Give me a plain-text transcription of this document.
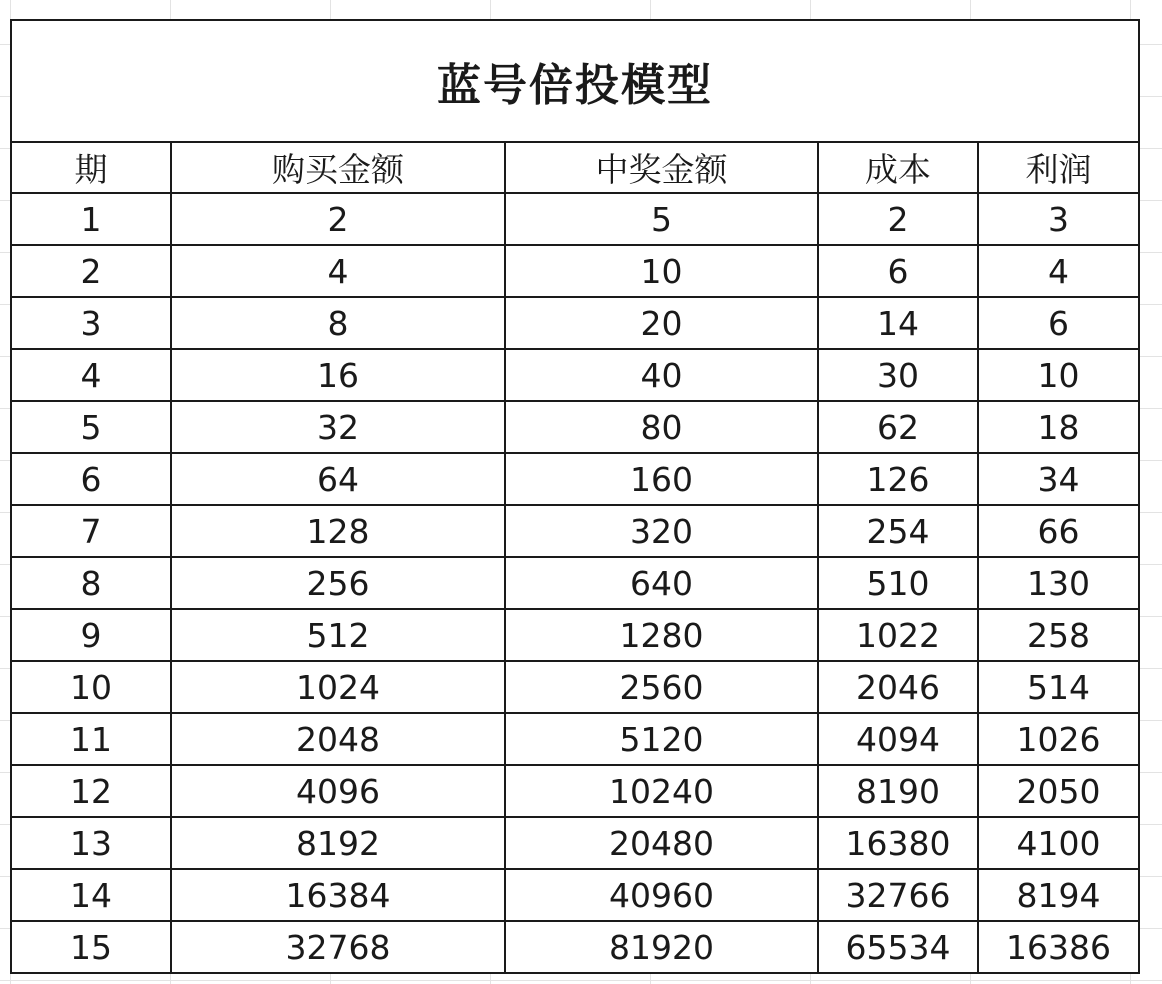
蓝号倍投模型				
期	购买金额	中奖金额	成本	利润
1	2	5	2	3
2	4	10	6	4
3	8	20	14	6
4	16	40	30	10
5	32	80	62	18
6	64	160	126	34
7	128	320	254	66
8	256	640	510	130
9	512	1280	1022	258
10	1024	2560	2046	514
11	2048	5120	4094	1026
12	4096	10240	8190	2050
13	8192	20480	16380	4100
14	16384	40960	32766	8194
15	32768	81920	65534	16386
